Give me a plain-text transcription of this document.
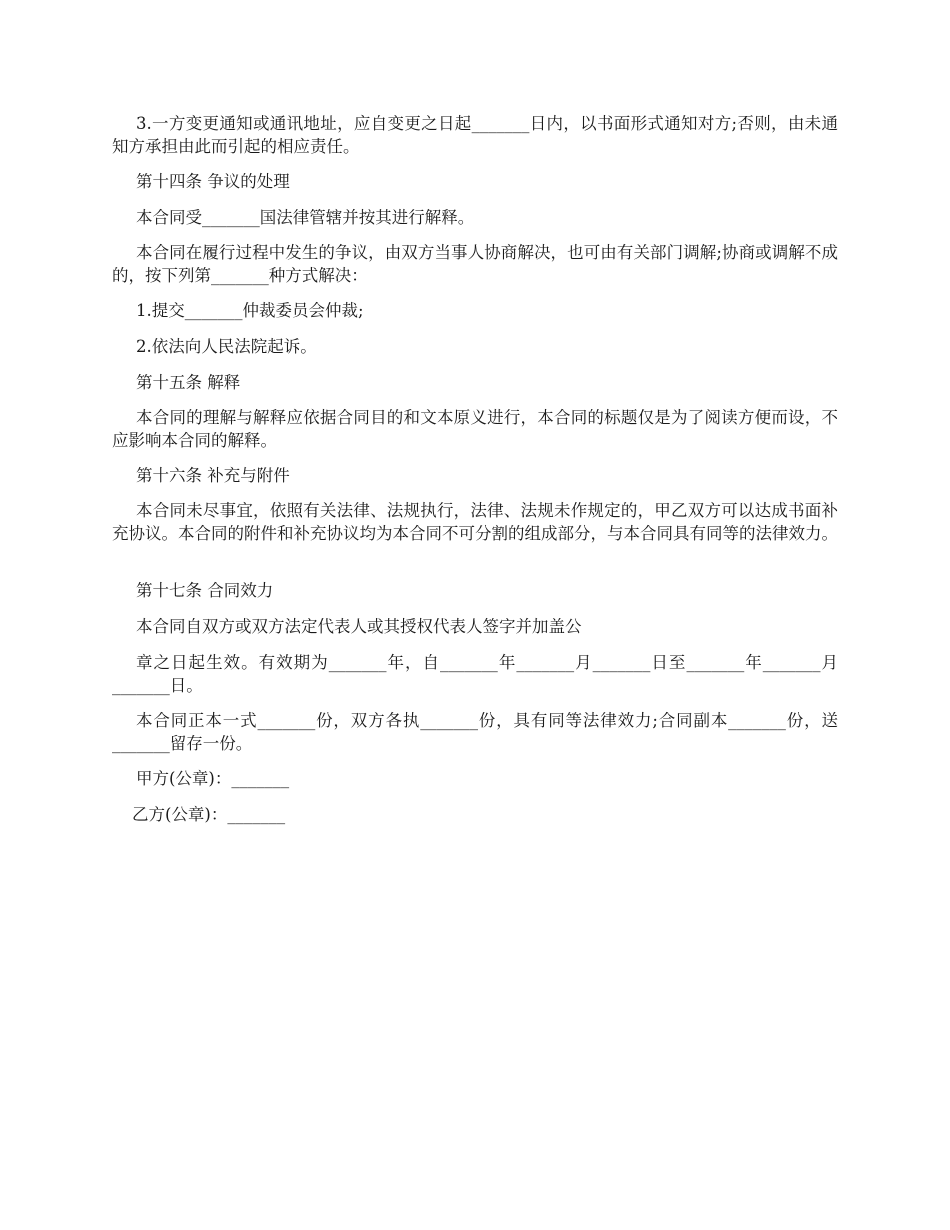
3.一方变更通知或通讯地址，应自变更之日起_______日内，以书面形式通知对方;否则，由未通知方承担由此而引起的相应责任。

第十四条 争议的处理

本合同受_______国法律管辖并按其进行解释。

本合同在履行过程中发生的争议，由双方当事人协商解决，也可由有关部门调解;协商或调解不成的，按下列第_______种方式解决：

1.提交_______仲裁委员会仲裁;

2.依法向人民法院起诉。

第十五条 解释

本合同的理解与解释应依据合同目的和文本原义进行，本合同的标题仅是为了阅读方便而设，不应影响本合同的解释。

第十六条 补充与附件

本合同未尽事宜，依照有关法律、法规执行，法律、法规未作规定的，甲乙双方可以达成书面补充协议。本合同的附件和补充协议均为本合同不可分割的组成部分，与本合同具有同等的法律效力。

第十七条 合同效力

本合同自双方或双方法定代表人或其授权代表人签字并加盖公

章之日起生效。有效期为_______年，自_______年_______月_______日至_______年_______月_______日。

本合同正本一式_______份，双方各执_______份，具有同等法律效力;合同副本_______份，送_______留存一份。

甲方(公章)：_______

乙方(公章)：_______
